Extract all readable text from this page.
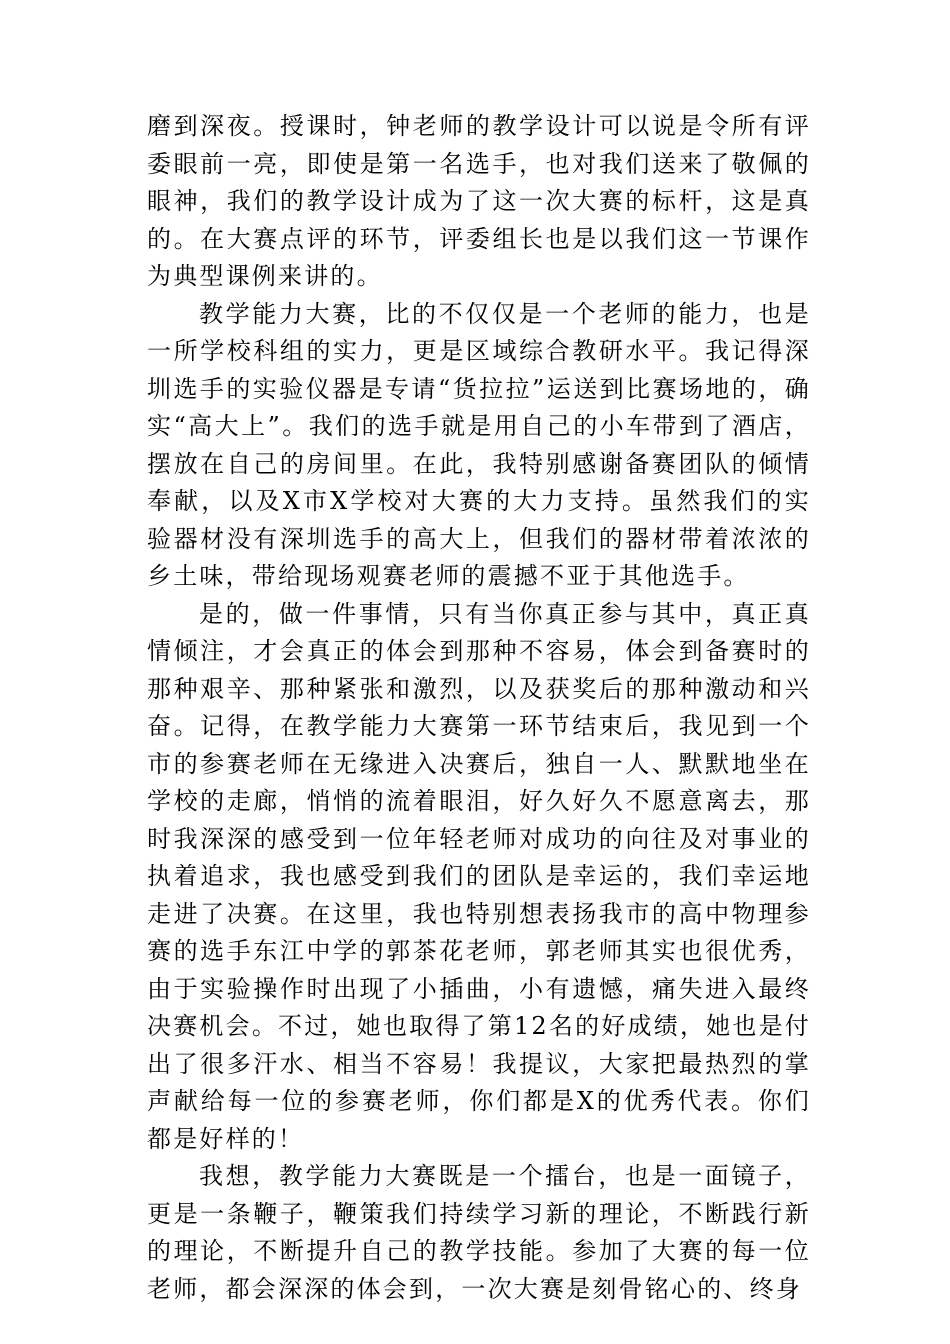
磨到深夜。授课时，钟老师的教学设计可以说是令所有评委眼前一亮，即使是第一名选手，也对我们送来了敬佩的眼神，我们的教学设计成为了这一次大赛的标杆，这是真的。在大赛点评的环节，评委组长也是以我们这一节课作为典型课例来讲的。

教学能力大赛，比的不仅仅是一个老师的能力，也是一所学校科组的实力，更是区域综合教研水平。我记得深圳选手的实验仪器是专请“货拉拉”运送到比赛场地的，确实“高大上”。我们的选手就是用自己的小车带到了酒店，摆放在自己的房间里。在此，我特别感谢备赛团队的倾情奉献，以及X市X学校对大赛的大力支持。虽然我们的实验器材没有深圳选手的高大上，但我们的器材带着浓浓的乡土味，带给现场观赛老师的震撼不亚于其他选手。

是的，做一件事情，只有当你真正参与其中，真正真情倾注，才会真正的体会到那种不容易，体会到备赛时的那种艰辛、那种紧张和激烈，以及获奖后的那种激动和兴奋。记得，在教学能力大赛第一环节结束后，我见到一个市的参赛老师在无缘进入决赛后，独自一人、默默地坐在学校的走廊，悄悄的流着眼泪，好久好久不愿意离去，那时我深深的感受到一位年轻老师对成功的向往及对事业的执着追求，我也感受到我们的团队是幸运的，我们幸运地走进了决赛。在这里，我也特别想表扬我市的高中物理参赛的选手东江中学的郭茶花老师，郭老师其实也很优秀，由于实验操作时出现了小插曲，小有遗憾，痛失进入最终决赛机会。不过，她也取得了第12名的好成绩，她也是付出了很多汗水、相当不容易！我提议，大家把最热烈的掌声献给每一位的参赛老师，你们都是X的优秀代表。你们都是好样的！

我想，教学能力大赛既是一个擂台，也是一面镜子，更是一条鞭子，鞭策我们持续学习新的理论，不断践行新的理论，不断提升自己的教学技能。参加了大赛的每一位老师，都会深深的体会到，一次大赛是刻骨铭心的、终身
